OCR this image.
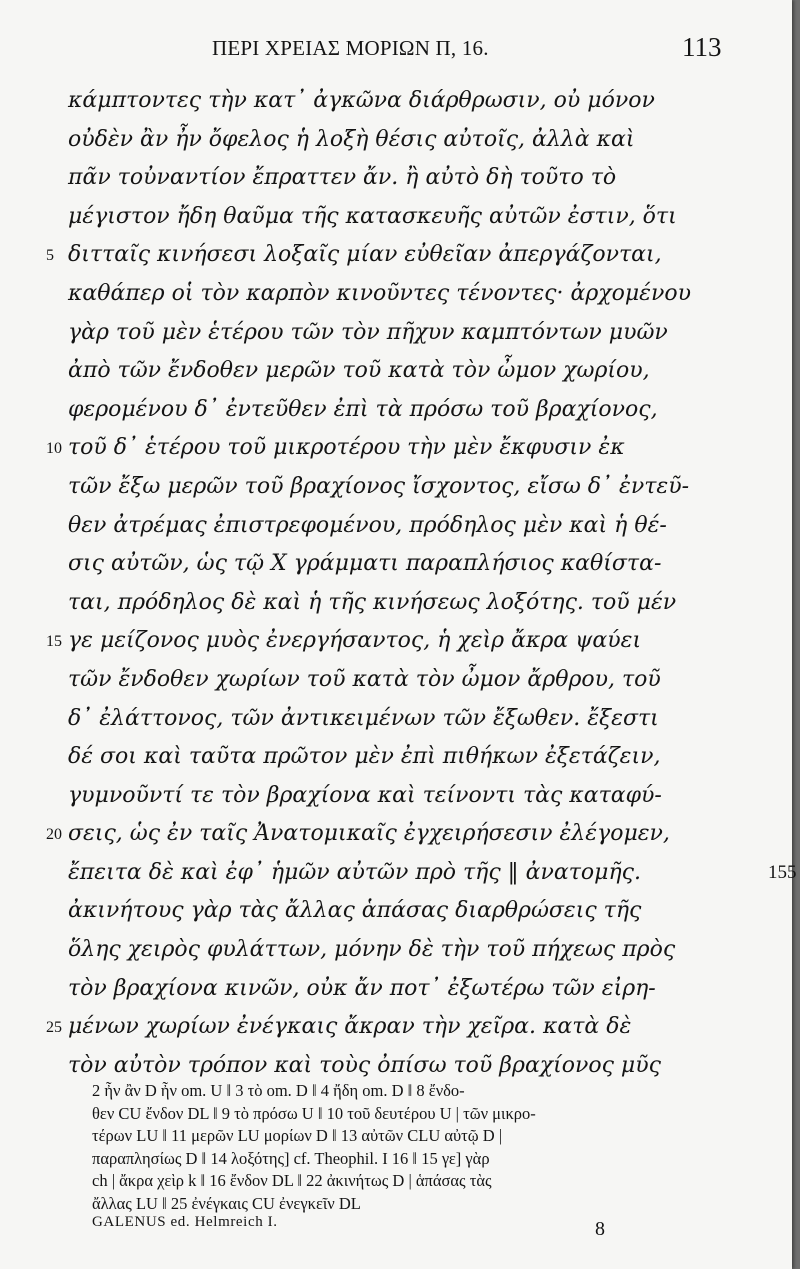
ΠΕΡΙ ΧΡΕΙΑΣ ΜΟΡΙΩΝ Π, 16.	113
κάμπτοντες τὴν κατ᾽ ἀγκῶνα διάρθρωσιν, οὐ μόνον
οὐδὲν ἂν ἦν ὄφελος ἡ λοξὴ θέσις αὐτοῖς, ἀλλὰ καὶ
πᾶν τοὐναντίον ἔπραττεν ἄν. ἢ αὐτὸ δὴ τοῦτο τὸ
μέγιστον ἤδη θαῦμα τῆς κατασκευῆς αὐτῶν ἐστιν, ὅτι
5 διτταῖς κινήσεσι λοξαῖς μίαν εὐθεῖαν ἀπεργάζονται,
καθάπερ οἱ τὸν καρπὸν κινοῦντες τένοντες· ἀρχομένου
γὰρ τοῦ μὲν ἑτέρου τῶν τὸν πῆχυν καμπτόντων μυῶν
ἀπὸ τῶν ἔνδοθεν μερῶν τοῦ κατὰ τὸν ὦμον χωρίου,
φερομένου δ᾽ ἐντεῦθεν ἐπὶ τὰ πρόσω τοῦ βραχίονος,
10 τοῦ δ᾽ ἑτέρου τοῦ μικροτέρου τὴν μὲν ἔκφυσιν ἐκ
τῶν ἔξω μερῶν τοῦ βραχίονος ἴσχοντος, εἴσω δ᾽ ἐντεῦ-
θεν ἀτρέμας ἐπιστρεφομένου, πρόδηλος μὲν καὶ ἡ θέ-
σις αὐτῶν, ὡς τῷ Χ γράμματι παραπλήσιος καθίστα-
ται, πρόδηλος δὲ καὶ ἡ τῆς κινήσεως λοξότης. τοῦ μέν
15 γε μείζονος μυὸς ἐνεργήσαντος, ἡ χεὶρ ἄκρα ψαύει
τῶν ἔνδοθεν χωρίων τοῦ κατὰ τὸν ὦμον ἄρθρου, τοῦ
δ᾽ ἐλάττονος, τῶν ἀντικειμένων τῶν ἔξωθεν. ἔξεστι
δέ σοι καὶ ταῦτα πρῶτον μὲν ἐπὶ πιθήκων ἐξετάζειν,
γυμνοῦντί τε τὸν βραχίονα καὶ τείνοντι τὰς καταφύ-
20 σεις, ὡς ἐν ταῖς Ἀνατομικαῖς ἐγχειρήσεσιν ἐλέγομεν,
ἔπειτα δὲ καὶ ἐφ᾽ ἡμῶν αὐτῶν πρὸ τῆς ‖ ἀνατομῆς.	155
ἀκινήτους γὰρ τὰς ἄλλας ἁπάσας διαρθρώσεις τῆς
ὅλης χειρὸς φυλάττων, μόνην δὲ τὴν τοῦ πήχεως πρὸς
τὸν βραχίονα κινῶν, οὐκ ἄν ποτ᾽ ἐξωτέρω τῶν εἰρη-
25 μένων χωρίων ἐνέγκαις ἄκραν τὴν χεῖρα. κατὰ δὲ
τὸν αὐτὸν τρόπον καὶ τοὺς ὀπίσω τοῦ βραχίονος μῦς
2 ἦν ἂν D ἦν om. U ‖ 3 τὸ om. D ‖ 4 ἤδη om. D ‖ 8 ἔνδο-
θεν CU ἔνδον DL ‖ 9 τὸ πρόσω U ‖ 10 τοῦ δευτέρου U | τῶν μικρο-
τέρων LU ‖ 11 μερῶν LU μορίων D ‖ 13 αὐτῶν CLU αὐτῷ D |
παραπλησίως D ‖ 14 λοξότης] cf. Theophil. I 16 ‖ 15 γε] γὰρ
ch | ἄκρα χεὶρ k ‖ 16 ἔνδον DL ‖ 22 ἀκινήτως D | ἁπάσας τὰς
ἄλλας LU ‖ 25 ἐνέγκαις CU ἐνεγκεῖν DL
GALENUS ed. Helmreich I.	8
